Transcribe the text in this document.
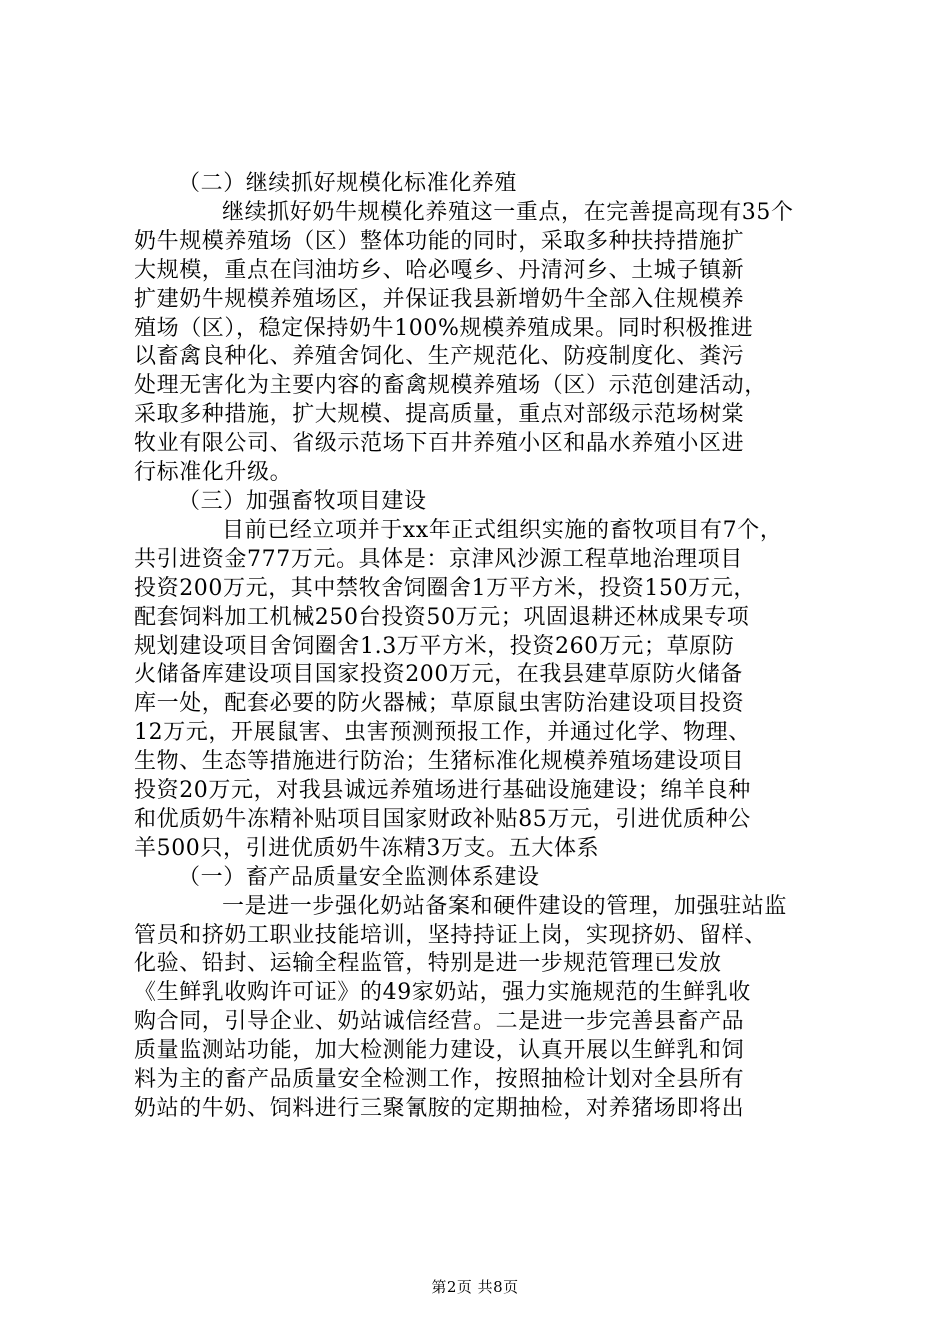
（二）继续抓好规模化标准化养殖

继续抓好奶牛规模化养殖这一重点，在完善提高现有35个
奶牛规模养殖场（区）整体功能的同时，采取多种扶持措施扩
大规模，重点在闫油坊乡、哈必嘎乡、丹清河乡、土城子镇新
扩建奶牛规模养殖场区，并保证我县新增奶牛全部入住规模养
殖场（区），稳定保持奶牛100%规模养殖成果。同时积极推进
以畜禽良种化、养殖舍饲化、生产规范化、防疫制度化、粪污
处理无害化为主要内容的畜禽规模养殖场（区）示范创建活动，
采取多种措施，扩大规模、提高质量，重点对部级示范场树棠
牧业有限公司、省级示范场下百井养殖小区和晶水养殖小区进
行标准化升级。

（三）加强畜牧项目建设

目前已经立项并于xx年正式组织实施的畜牧项目有7个，
共引进资金777万元。具体是：京津风沙源工程草地治理项目
投资200万元，其中禁牧舍饲圈舍1万平方米，投资150万元，
配套饲料加工机械250台投资50万元；巩固退耕还林成果专项
规划建设项目舍饲圈舍1.3万平方米，投资260万元；草原防
火储备库建设项目国家投资200万元，在我县建草原防火储备
库一处，配套必要的防火器械；草原鼠虫害防治建设项目投资
12万元，开展鼠害、虫害预测预报工作，并通过化学、物理、
生物、生态等措施进行防治；生猪标准化规模养殖场建设项目
投资20万元，对我县诚远养殖场进行基础设施建设；绵羊良种
和优质奶牛冻精补贴项目国家财政补贴85万元，引进优质种公
羊500只，引进优质奶牛冻精3万支。五大体系

（一）畜产品质量安全监测体系建设

一是进一步强化奶站备案和硬件建设的管理，加强驻站监
管员和挤奶工职业技能培训，坚持持证上岗，实现挤奶、留样、
化验、铅封、运输全程监管，特别是进一步规范管理已发放
《生鲜乳收购许可证》的49家奶站，强力实施规范的生鲜乳收
购合同，引导企业、奶站诚信经营。二是进一步完善县畜产品
质量监测站功能，加大检测能力建设，认真开展以生鲜乳和饲
料为主的畜产品质量安全检测工作，按照抽检计划对全县所有
奶站的牛奶、饲料进行三聚氰胺的定期抽检，对养猪场即将出
第2页 共8页
